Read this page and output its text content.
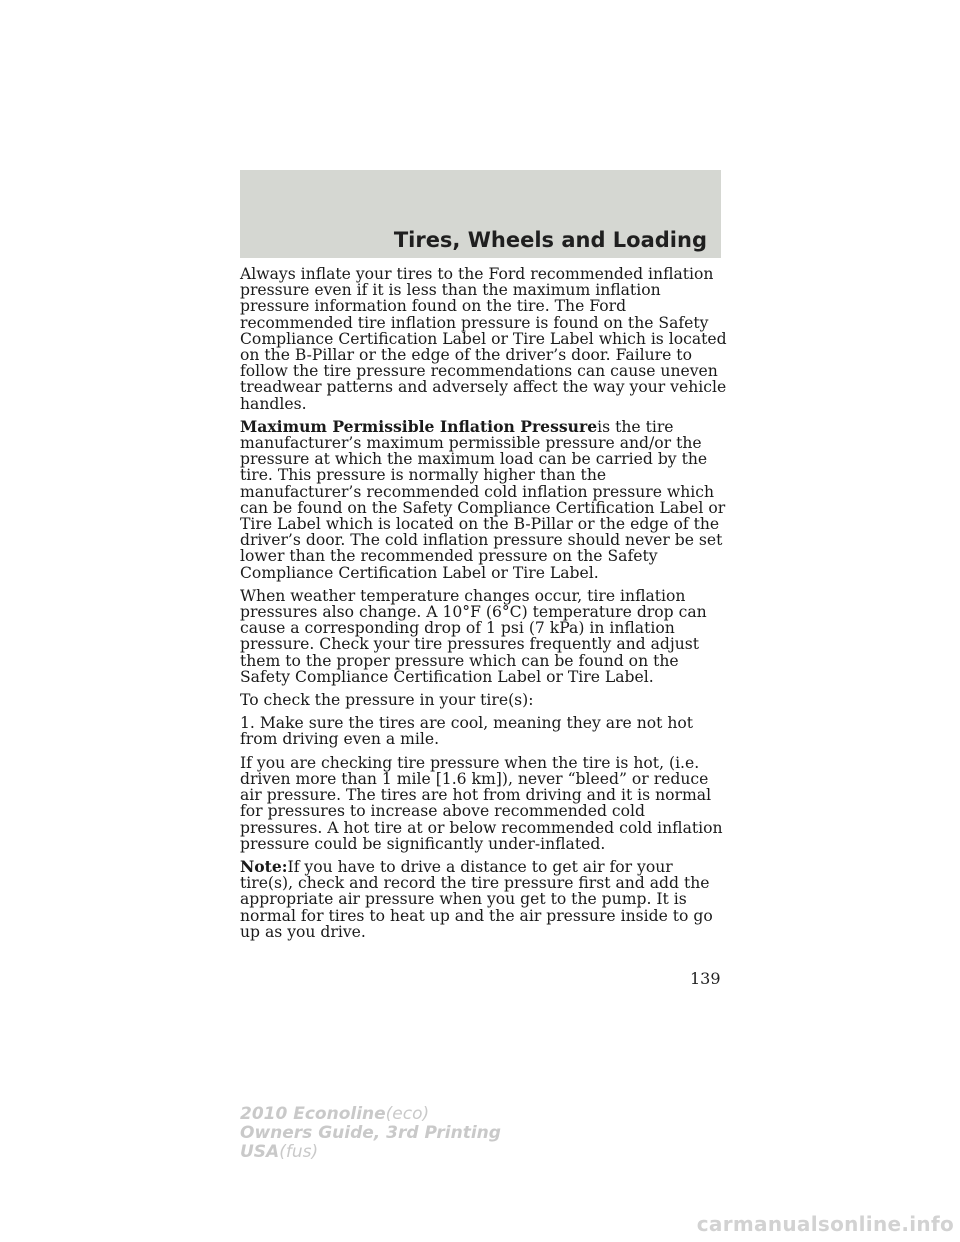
Tires, Wheels and Loading

Always inflate your tires to the Ford recommended inflation pressure even if it is less than the maximum inflation pressure information found on the tire. The Ford recommended tire inflation pressure is found on the Safety Compliance Certification Label or Tire Label which is located on the B-Pillar or the edge of the driver’s door. Failure to follow the tire pressure recommendations can cause uneven treadwear patterns and adversely affect the way your vehicle handles.

Maximum Permissible Inflation Pressureis the tire manufacturer’s maximum permissible pressure and/or the pressure at which the maximum load can be carried by the tire. This pressure is normally higher than the manufacturer’s recommended cold inflation pressure which can be found on the Safety Compliance Certification Label or Tire Label which is located on the B-Pillar or the edge of the driver’s door. The cold inflation pressure should never be set lower than the recommended pressure on the Safety Compliance Certification Label or Tire Label.

When weather temperature changes occur, tire inflation pressures also change. A 10°F (6°C) temperature drop can cause a corresponding drop of 1 psi (7 kPa) in inflation pressure. Check your tire pressures frequently and adjust them to the proper pressure which can be found on the Safety Compliance Certification Label or Tire Label.

To check the pressure in your tire(s):

1. Make sure the tires are cool, meaning they are not hot from driving even a mile.

If you are checking tire pressure when the tire is hot, (i.e. driven more than 1 mile [1.6 km]), never “bleed” or reduce air pressure. The tires are hot from driving and it is normal for pressures to increase above recommended cold pressures. A hot tire at or below recommended cold inflation pressure could be significantly under-inflated.

Note:If you have to drive a distance to get air for your tire(s), check and record the tire pressure first and add the appropriate air pressure when you get to the pump. It is normal for tires to heat up and the air pressure inside to go up as you drive.

139
2010 Econoline(eco)
Owners Guide, 3rd Printing
USA(fus)
carmanualsonline.info
